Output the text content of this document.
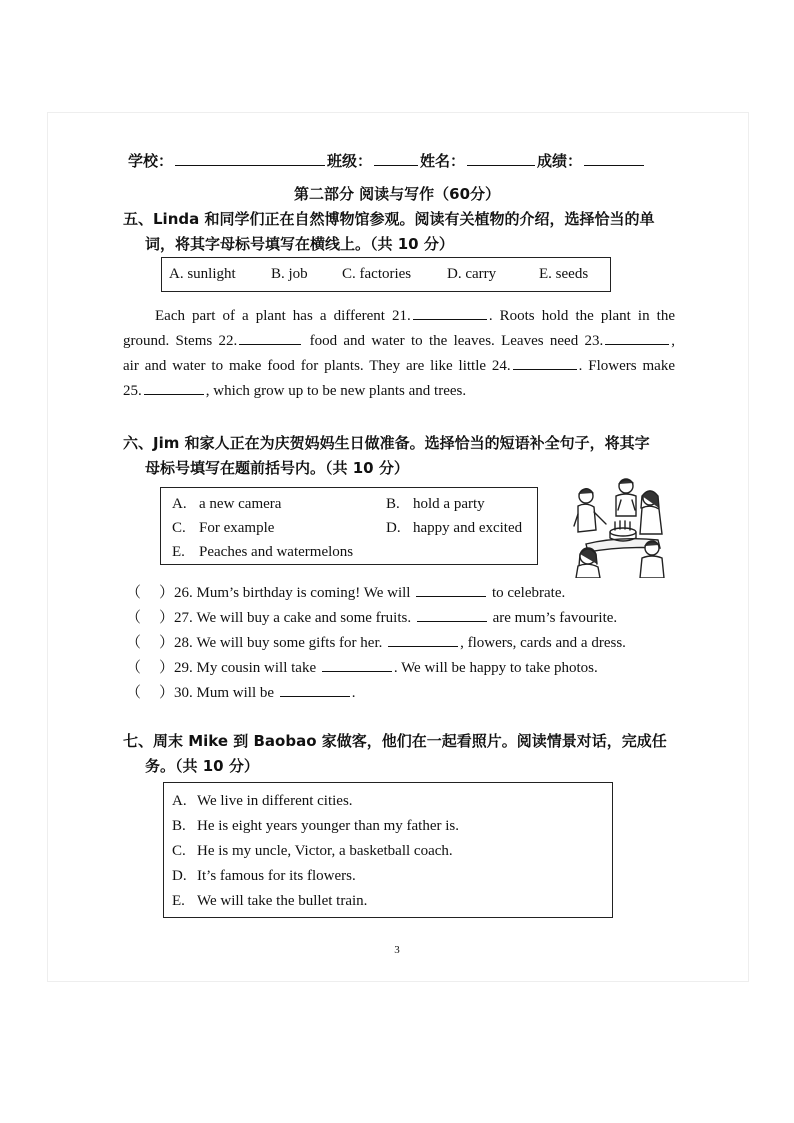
学校：	班级：	姓名：	成绩：
第二部分 阅读与写作（60分）
五、Linda 和同学们正在自然博物馆参观。阅读有关植物的介绍，选择恰当的单
词，将其字母标号填写在横线上。（共 10 分）
A. sunlight B. job C. factories D. carry	E. seeds
Each part of a plant has a different 21.	. Roots hold the plant in the
ground. Stems 22.	food and water to the leaves. Leaves need 23.	,
air and water to make food for plants. They are like little 24.	. Flowers make
25.	, which grow up to be new plants and trees.
六、Jim 和家人正在为庆贺妈妈生日做准备。选择恰当的短语补全句子，将其字
母标号填写在题前括号内。（共 10 分）
A. a new camera	B. hold a party
C. For example	D. happy and excited
E. Peaches and watermelons
（ ）26. Mum’s birthday is coming! We will	to celebrate.
（ ）27. We will buy a cake and some fruits.	are mum’s favourite.
（ ）28. We will buy some gifts for her.	, flowers, cards and a dress.
（ ）29. My cousin will take	. We will be happy to take photos.
（ ）30. Mum will be	.
七、周末 Mike 到 Baobao 家做客，他们在一起看照片。阅读情景对话，完成任
务。（共 10 分）
A. We live in different cities.
B. He is eight years younger than my father is.
C. He is my uncle, Victor, a basketball coach.
D. It’s famous for its flowers.
E. We will take the bullet train.
3
